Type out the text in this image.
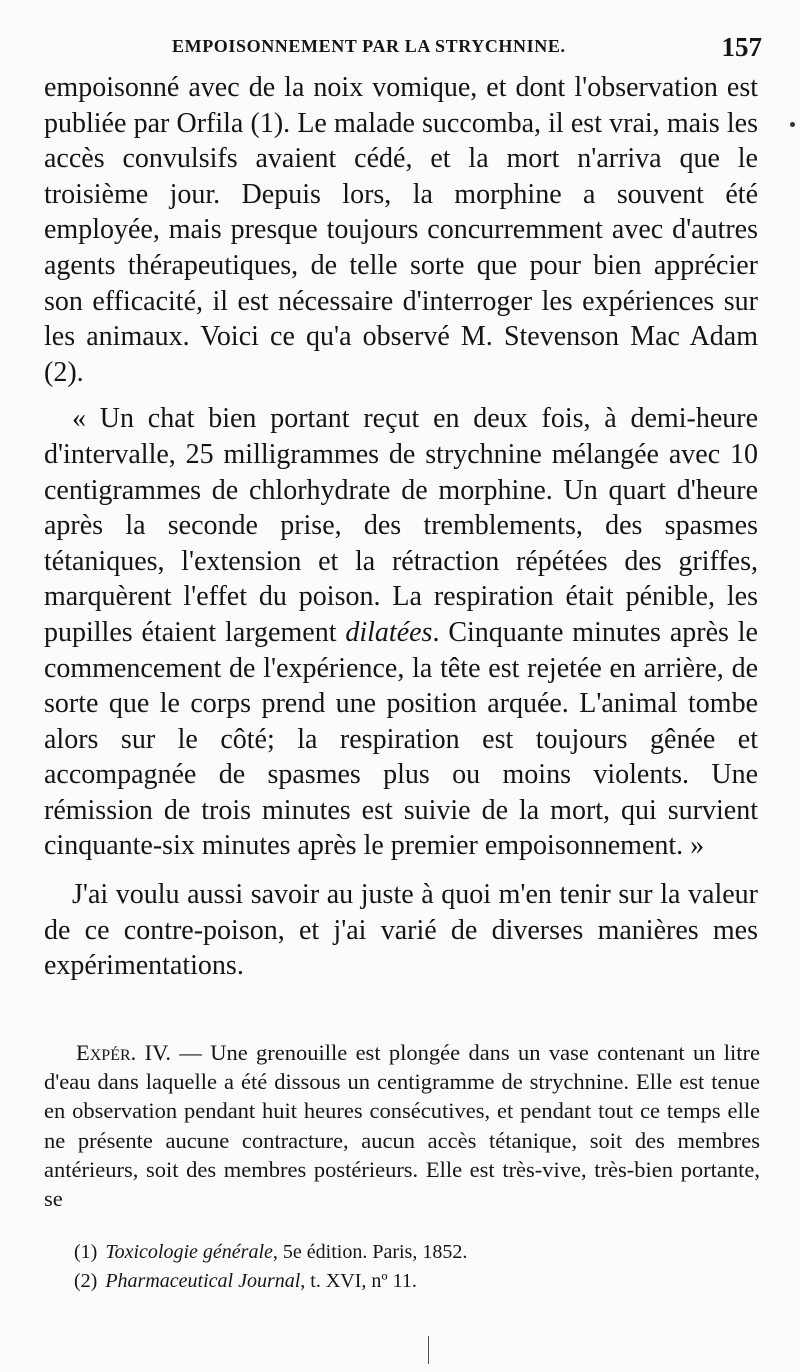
EMPOISONNEMENT PAR LA STRYCHNINE.	157

empoisonné avec de la noix vomique, et dont l'observation est publiée par Orfila (1). Le malade succomba, il est vrai, mais les accès convulsifs avaient cédé, et la mort n'arriva que le troisième jour. Depuis lors, la morphine a souvent été employée, mais presque toujours concurremment avec d'autres agents thérapeutiques, de telle sorte que pour bien apprécier son efficacité, il est nécessaire d'interroger les expériences sur les animaux. Voici ce qu'a observé M. Stevenson Mac Adam (2).

« Un chat bien portant reçut en deux fois, à demi-heure d'intervalle, 25 milligrammes de strychnine mélangée avec 10 centigrammes de chlorhydrate de morphine. Un quart d'heure après la seconde prise, des tremblements, des spasmes tétaniques, l'extension et la rétraction répétées des griffes, marquèrent l'effet du poison. La respiration était pénible, les pupilles étaient largement dilatées. Cinquante minutes après le commencement de l'expérience, la tête est rejetée en arrière, de sorte que le corps prend une position arquée. L'animal tombe alors sur le côté; la respiration est toujours gênée et accompagnée de spasmes plus ou moins violents. Une rémission de trois minutes est suivie de la mort, qui survient cinquante-six minutes après le premier empoisonnement. »

J'ai voulu aussi savoir au juste à quoi m'en tenir sur la valeur de ce contre-poison, et j'ai varié de diverses manières mes expérimentations.

Expér. IV. — Une grenouille est plongée dans un vase contenant un litre d'eau dans laquelle a été dissous un centigramme de strychnine. Elle est tenue en observation pendant huit heures consécutives, et pendant tout ce temps elle ne présente aucune contracture, aucun accès tétanique, soit des membres antérieurs, soit des membres postérieurs. Elle est très-vive, très-bien portante, se

(1) Toxicologie générale, 5e édition. Paris, 1852.
(2) Pharmaceutical Journal, t. XVI, nº 11.
